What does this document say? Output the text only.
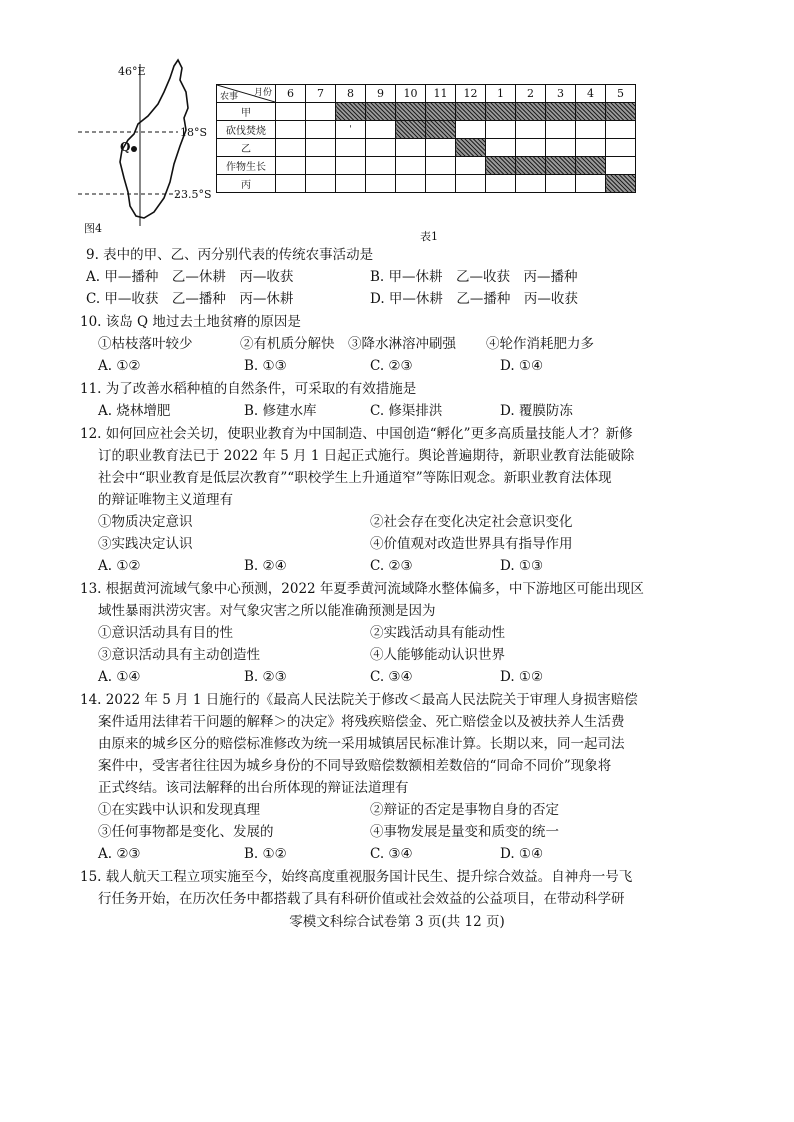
46°E
18°S
23.5°S
Q
图4
月份
农事	6	7	8	9	10	11	12	1	2	3	4	5
甲												
砍伐焚烧			ˈ									
乙												
作物生长												
丙												
表1
9. 表中的甲、乙、丙分别代表的传统农事活动是
A. 甲—播种　乙—休耕　丙—收获	B. 甲—休耕　乙—收获　丙—播种
C. 甲—收获　乙—播种　丙—休耕	D. 甲—休耕　乙—播种　丙—收获
10. 该岛 Q 地过去土地贫瘠的原因是
①枯枝落叶较少	②有机质分解快 ③降水淋溶冲刷强 ④轮作消耗肥力多
A. ①②	B. ①③	C. ②③	D. ①④
11. 为了改善水稻种植的自然条件，可采取的有效措施是
A. 烧林增肥	B. 修建水库	C. 修渠排洪	D. 覆膜防冻
12. 如何回应社会关切，使职业教育为中国制造、中国创造“孵化”更多高质量技能人才？新修
订的职业教育法已于 2022 年 5 月 1 日起正式施行。舆论普遍期待，新职业教育法能破除
社会中“职业教育是低层次教育”“职校学生上升通道窄”等陈旧观念。新职业教育法体现
的辩证唯物主义道理有
①物质决定意识	②社会存在变化决定社会意识变化
③实践决定认识	④价值观对改造世界具有指导作用
A. ①②	B. ②④	C. ②③	D. ①③
13. 根据黄河流域气象中心预测，2022 年夏季黄河流域降水整体偏多，中下游地区可能出现区
域性暴雨洪涝灾害。对气象灾害之所以能准确预测是因为
①意识活动具有目的性	②实践活动具有能动性
③意识活动具有主动创造性	④人能够能动认识世界
A. ①④	B. ②③	C. ③④	D. ①②
14. 2022 年 5 月 1 日施行的《最高人民法院关于修改＜最高人民法院关于审理人身损害赔偿
案件适用法律若干问题的解释＞的决定》将残疾赔偿金、死亡赔偿金以及被扶养人生活费
由原来的城乡区分的赔偿标准修改为统一采用城镇居民标准计算。长期以来，同一起司法
案件中，受害者往往因为城乡身份的不同导致赔偿数额相差数倍的“同命不同价”现象将
正式终结。该司法解释的出台所体现的辩证法道理有
①在实践中认识和发现真理	②辩证的否定是事物自身的否定
③任何事物都是变化、发展的	④事物发展是量变和质变的统一
A. ②③	B. ①②	C. ③④	D. ①④
15. 载人航天工程立项实施至今，始终高度重视服务国计民生、提升综合效益。自神舟一号飞
行任务开始，在历次任务中都搭载了具有科研价值或社会效益的公益项目，在带动科学研
零模文科综合试卷第 3 页(共 12 页)
